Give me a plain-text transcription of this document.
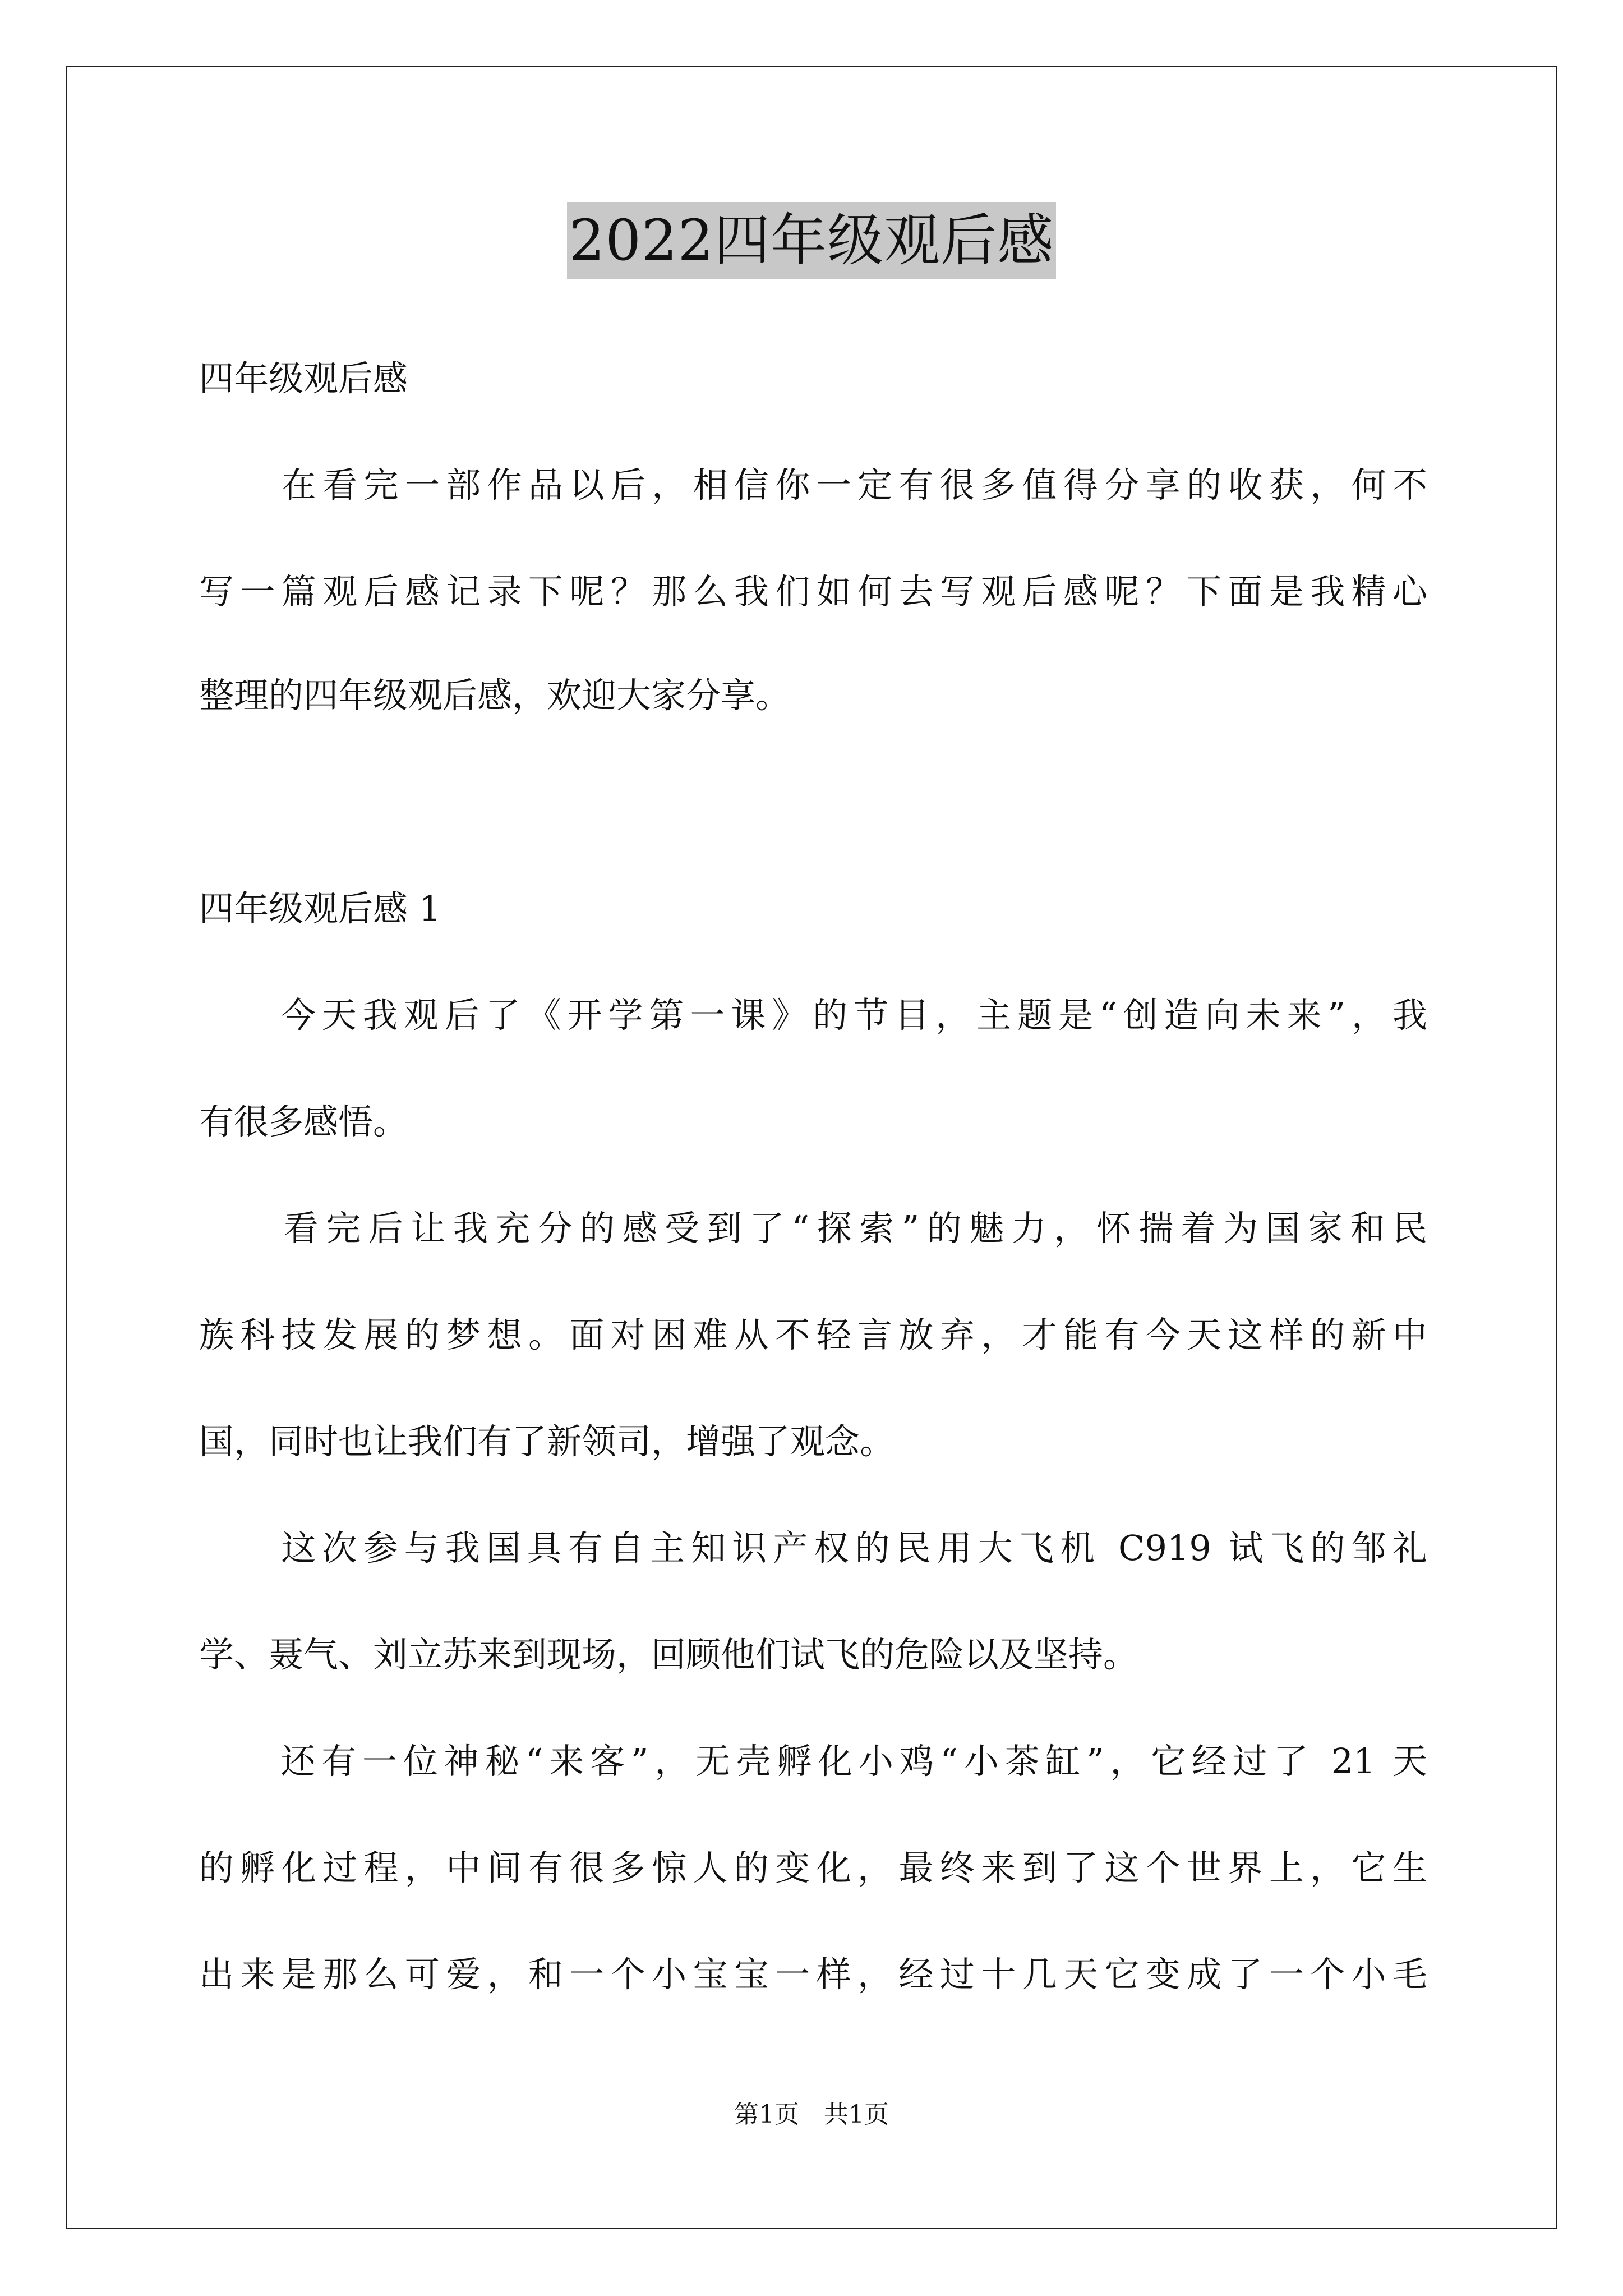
2022四年级观后感
四年级观后感
　　在看完一部作品以后，相信你一定有很多值得分享的收获，何不
写一篇观后感记录下呢？那么我们如何去写观后感呢？下面是我精心
整理的四年级观后感，欢迎大家分享。
四年级观后感 1
　　今天我观后了《开学第一课》的节目，主题是“创造向未来”，我
有很多感悟。
　　看完后让我充分的感受到了“探索”的魅力，怀揣着为国家和民
族科技发展的梦想。面对困难从不轻言放弃，才能有今天这样的新中
国，同时也让我们有了新领司，增强了观念。
　　这次参与我国具有自主知识产权的民用大飞机 C919 试飞的邹礼
学、聂气、刘立苏来到现场，回顾他们试飞的危险以及坚持。
　　还有一位神秘“来客”，无壳孵化小鸡“小茶缸”，它经过了 21 天
的孵化过程，中间有很多惊人的变化，最终来到了这个世界上，它生
出来是那么可爱，和一个小宝宝一样，经过十几天它变成了一个小毛
第1页　共1页
